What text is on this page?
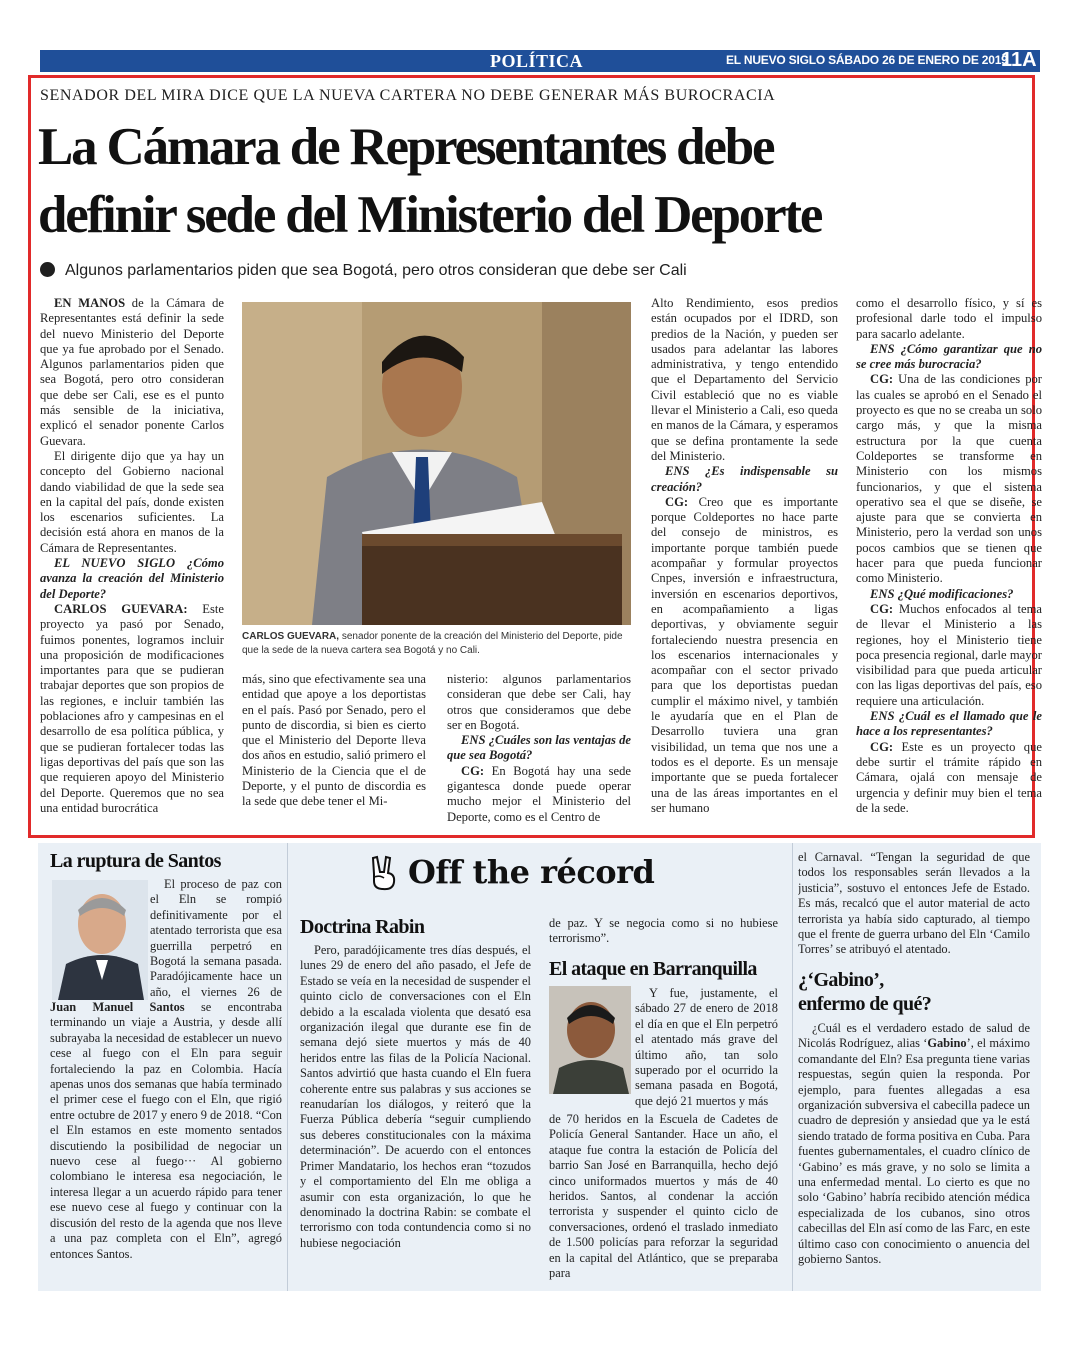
POLÍTICA	EL NUEVO SIGLO SÁBADO 26 DE ENERO DE 2019
11A
SENADOR DEL MIRA DICE QUE LA NUEVA CARTERA NO DEBE GENERAR MÁS BUROCRACIA
La Cámara de Representantes debe
definir sede del Ministerio del Deporte
Algunos parlamentarios piden que sea Bogotá, pero otros consideran que debe ser Cali

EN MANOS de la Cámara de Representantes está definir la sede del nuevo Ministerio del Deporte que ya fue aprobado por el Senado. Algunos parlamentarios piden que sea Bogotá, pero otro consideran que debe ser Cali, ese es el punto más sensible de la iniciativa, explicó el senador ponente Carlos Guevara.

El dirigente dijo que ya hay un concepto del Gobierno nacional dando viabilidad de que la sede sea en la capital del país, donde existen los escenarios suficientes. La decisión está ahora en manos de la Cámara de Representantes.

EL NUEVO SIGLO ¿Cómo avanza la creación del Ministerio del Deporte?

CARLOS GUEVARA: Este proyecto ya pasó por Senado, fuimos ponentes, logramos incluir una proposición de modificaciones importantes para que se pudieran trabajar deportes que son propios de las regiones, e incluir también las poblaciones afro y campesinas en el desarrollo de esa política pública, y que se pudieran fortalecer todas las ligas deportivas del país que son las que requieren apoyo del Ministerio del Deporte. Queremos que no sea una entidad burocrática

CARLOS GUEVARA, senador ponente de la creación del Ministerio del Deporte, pide que la sede de la nueva cartera sea Bogotá y no Cali.

más, sino que efectivamente sea una entidad que apoye a los deportistas en el país. Pasó por Senado, pero el punto de discordia, si bien es cierto que el Ministerio del Deporte lleva dos años en estudio, salió primero el Ministerio de la Ciencia que el de Deporte, y el punto de discordia es la sede que debe tener el Mi-

nisterio: algunos parlamentarios consideran que debe ser Cali, hay otros que consideramos que debe ser en Bogotá.

ENS ¿Cuáles son las ventajas de que sea Bogotá?

CG: En Bogotá hay una sede gigantesca donde puede operar mucho mejor el Ministerio del Deporte, como es el Centro de

Alto Rendimiento, esos predios están ocupados por el IDRD, son predios de la Nación, y pueden ser usados para adelantar las labores administrativa, y tengo entendido que el Departamento del Servicio Civil estableció que no es viable llevar el Ministerio a Cali, eso queda en manos de la Cámara, y esperamos que se defina prontamente la sede del Ministerio.

ENS ¿Es indispensable su creación?

CG: Creo que es importante porque Coldeportes no hace parte del consejo de ministros, es importante porque también puede acompañar y formular proyectos Cnpes, inversión e infraestructura, inversión en escenarios deportivos, en acompañamiento a ligas deportivas, y obviamente seguir fortaleciendo nuestra presencia en los escenarios internacionales y acompañar con el sector privado para que los deportistas puedan cumplir el máximo nivel, y también le ayudaría que en el Plan de Desarrollo tuviera una gran visibilidad, un tema que nos une a todos es el deporte. Es un mensaje importante que se pueda fortalecer una de las áreas importantes en el ser humano

como el desarrollo físico, y sí es profesional darle todo el impulso para sacarlo adelante.

ENS ¿Cómo garantizar que no se cree más burocracia?

CG: Una de las condiciones por las cuales se aprobó en el Senado el proyecto es que no se creaba un solo cargo más, y que la misma estructura por la que cuenta Coldeportes se transforme en Ministerio con los mismos funcionarios, y que el sistema operativo sea el que se diseñe, se ajuste para que se convierta en Ministerio, pero la verdad son unos pocos cambios que se tienen que hacer para que pueda funcionar como Ministerio.

ENS ¿Qué modificaciones?

CG: Muchos enfocados al tema de llevar el Ministerio a las regiones, hoy el Ministerio tiene poca presencia regional, darle mayor visibilidad para que pueda articular con las ligas deportivas del país, eso requiere una articulación.

ENS ¿Cuál es el llamado que le hace a los representantes?

CG: Este es un proyecto que debe surtir el trámite rápido en Cámara, ojalá con mensaje de urgencia y definir muy bien el tema de la sede.

Off the récord
La ruptura de Santos

El proceso de paz con el Eln se rompió definitivamente por el atentado terrorista que esa guerrilla perpetró en Bogotá la semana pasada. Paradójicamente hace un año, el viernes 26 de

Juan Manuel Santos se encontraba terminando un viaje a Austria, y desde allí subrayaba la necesidad de establecer un nuevo cese al fuego con el Eln para seguir fortaleciendo la paz en Colombia. Hacía apenas unos dos semanas que había terminado el primer cese el fuego con el Eln, que rigió entre octubre de 2017 y enero 9 de 2018. “Con el Eln estamos en este momento sentados discutiendo la posibilidad de negociar un nuevo cese al fuego··· Al gobierno colombiano le interesa esa negociación, le interesa llegar a un acuerdo rápido para tener ese nuevo cese al fuego y continuar con la discusión del resto de la agenda que nos lleve a una paz completa con el Eln”, agregó entonces Santos.

Doctrina Rabin

Pero, paradójicamente tres días después, el lunes 29 de enero del año pasado, el Jefe de Estado se veía en la necesidad de suspender el quinto ciclo de conversaciones con el Eln debido a la escalada violenta que desató esa organización ilegal que durante ese fin de semana dejó siete muertos y más de 40 heridos entre las filas de la Policía Nacional. Santos advirtió que hasta cuando el Eln fuera coherente entre sus palabras y sus acciones se reanudarían los diálogos, y reiteró que la Fuerza Pública debería “seguir cumpliendo sus deberes constitucionales con la máxima determinación”. De acuerdo con el entonces Primer Mandatario, los hechos eran “tozudos y el comportamiento del Eln me obliga a asumir con esta organización, lo que he denominado la doctrina Rabin: se combate el terrorismo con toda contundencia como si no hubiese negociación

de paz. Y se negocia como si no hubiese terrorismo”.

El ataque en Barranquilla

Y fue, justamente, el sábado 27 de enero de 2018 el día en que el Eln perpetró el atentado más grave del último año, tan solo superado por el ocurrido la semana pasada en Bogotá, que dejó 21 muertos y más

el Carnaval. “Tengan la seguridad de que todos los responsables serán llevados a la justicia”, sostuvo el entonces Jefe de Estado. Es más, recalcó que el autor material de acto terrorista ya había sido capturado, al tiempo que el frente de guerra urbano del Eln ‘Camilo Torres’ se atribuyó el atentado.

¿‘Gabino’,
enfermo de qué?

¿Cuál es el verdadero estado de salud de Nicolás Rodríguez, alias ‘Gabino’, el máximo comandante del Eln? Esa pregunta tiene varias respuestas, según quien la responda. Por ejemplo, para fuentes allegadas a esa organización subversiva el cabecilla padece un cuadro de depresión y ansiedad que ya le está siendo tratado de forma positiva en Cuba. Para fuentes gubernamentales, el cuadro clínico de ‘Gabino’ es más grave, y no solo se limita a una enfermedad mental. Lo cierto es que no solo ‘Gabino’ habría recibido atención médica especializada de los cubanos, sino otros cabecillas del Eln así como de las Farc, en este último caso con conocimiento o anuencia del gobierno Santos.

de 70 heridos en la Escuela de Cadetes de Policía General Santander. Hace un año, el ataque fue contra la estación de Policía del barrio San José en Barranquilla, hecho dejó cinco uniformados muertos y más de 40 heridos. Santos, al condenar la acción terrorista y suspender el quinto ciclo de conversaciones, ordenó el traslado inmediato de 1.500 policías para reforzar la seguridad en la capital del Atlántico, que se preparaba para
